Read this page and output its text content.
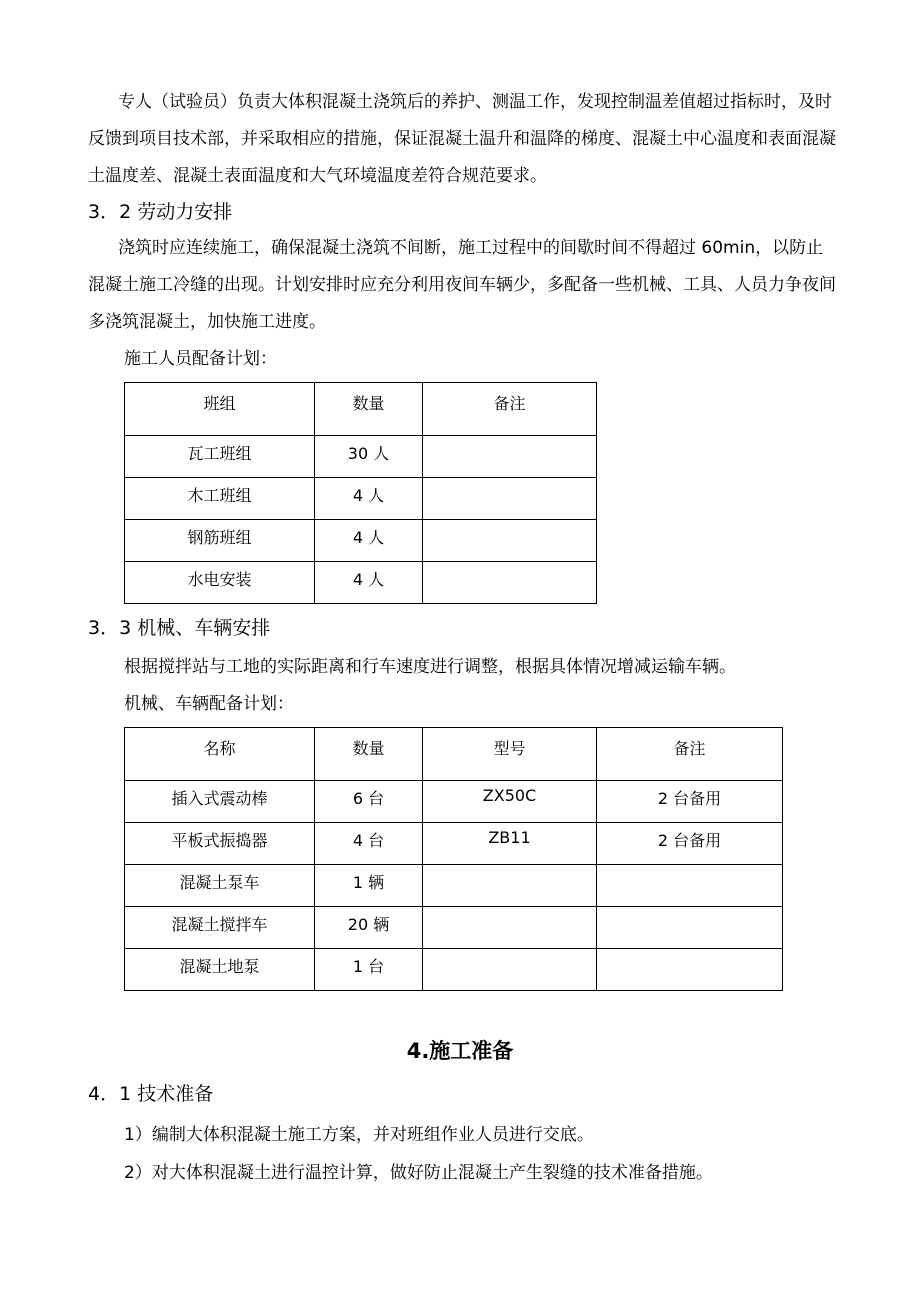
专人（试验员）负责大体积混凝土浇筑后的养护、测温工作，发现控制温差值超过指标时，及时反馈到项目技术部，并采取相应的措施，保证混凝土温升和温降的梯度、混凝土中心温度和表面混凝土温度差、混凝土表面温度和大气环境温度差符合规范要求。

3．2 劳动力安排

浇筑时应连续施工，确保混凝土浇筑不间断，施工过程中的间歇时间不得超过 60min，以防止混凝土施工冷缝的出现。计划安排时应充分利用夜间车辆少，多配备一些机械、工具、人员力争夜间多浇筑混凝土，加快施工进度。

施工人员配备计划：

班组	数量	备注
瓦工班组	30 人	
木工班组	4 人	
钢筋班组	4 人	
水电安装	4 人	

3．3 机械、车辆安排

根据搅拌站与工地的实际距离和行车速度进行调整，根据具体情况增减运输车辆。

机械、车辆配备计划：

名称	数量	型号	备注
插入式震动棒	6 台	ZX50C	2 台备用
平板式振捣器	4 台	ZB11	2 台备用
混凝土泵车	1 辆		
混凝土搅拌车	20 辆		
混凝土地泵	1 台		

4.施工准备

4．1 技术准备

1）编制大体积混凝土施工方案，并对班组作业人员进行交底。

2）对大体积混凝土进行温控计算，做好防止混凝土产生裂缝的技术准备措施。
